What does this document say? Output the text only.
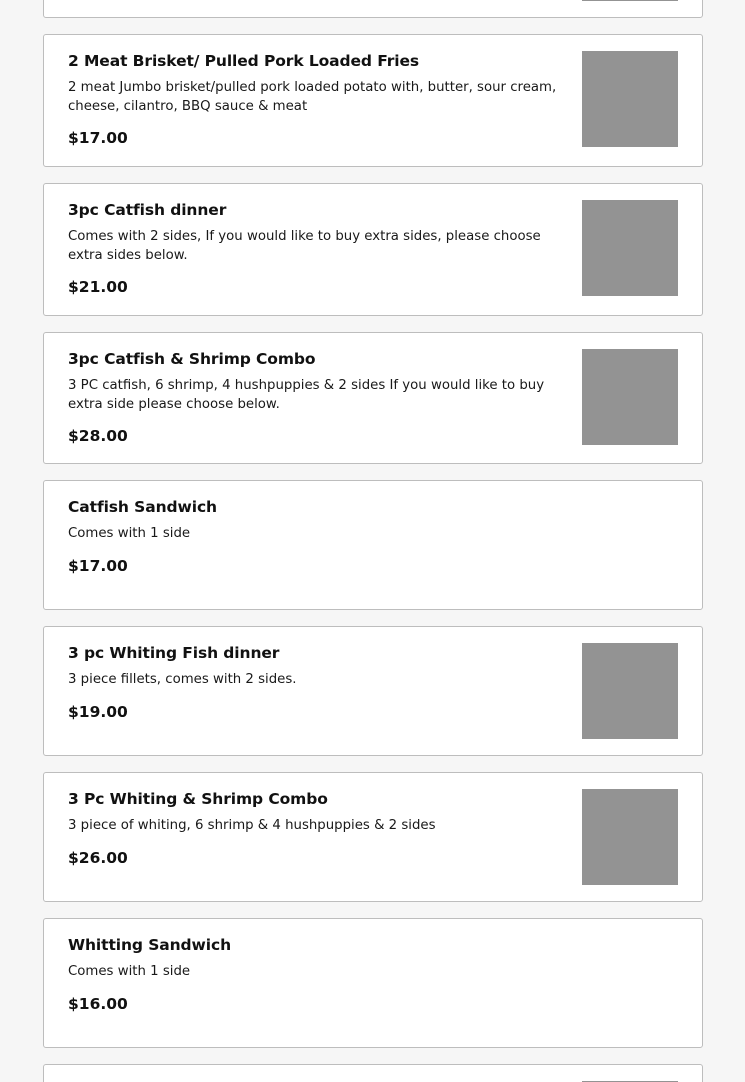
2 Meat Brisket/ Pulled Pork Loaded Fries
2 meat Jumbo brisket/pulled pork loaded potato with, butter, sour cream, cheese, cilantro, BBQ sauce & meat
$17.00
3pc Catfish dinner
Comes with 2 sides, If you would like to buy extra sides, please choose extra sides below.
$21.00
3pc Catfish & Shrimp Combo
3 PC catfish, 6 shrimp, 4 hushpuppies & 2 sides If you would like to buy extra side please choose below.
$28.00
Catfish Sandwich
Comes with 1 side
$17.00
3 pc Whiting Fish dinner
3 piece fillets, comes with 2 sides.
$19.00
3 Pc Whiting & Shrimp Combo
3 piece of whiting, 6 shrimp & 4 hushpuppies & 2 sides
$26.00
Whitting Sandwich
Comes with 1 side
$16.00
